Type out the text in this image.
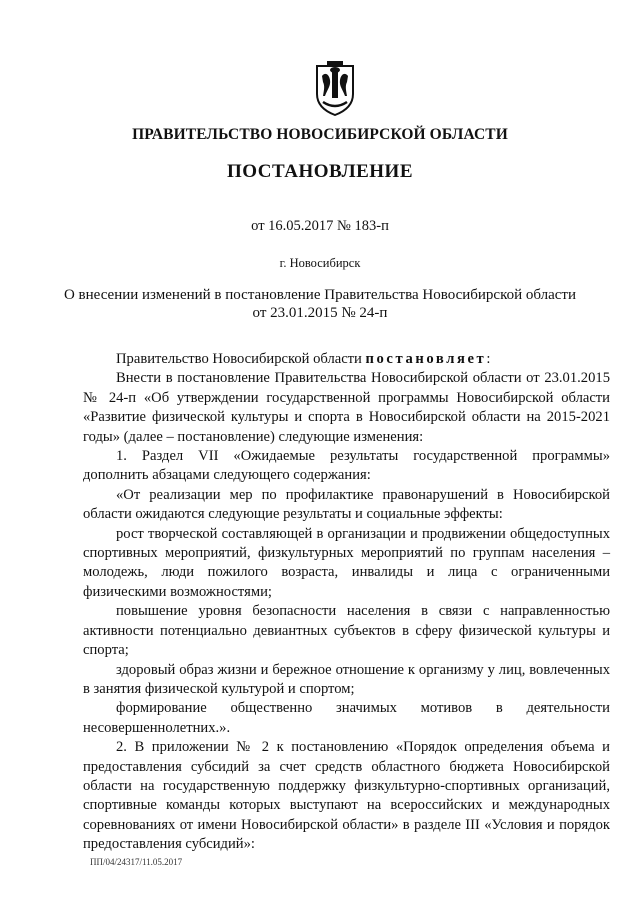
ПРАВИТЕЛЬСТВО НОВОСИБИРСКОЙ ОБЛАСТИ
ПОСТАНОВЛЕНИЕ
от 16.05.2017 № 183-п
г. Новосибирск
О внесении изменений в постановление Правительства Новосибирской области
от 23.01.2015 № 24-п

Правительство Новосибирской области постановляет:

Внести в постановление Правительства Новосибирской области от 23.01.2015 № 24-п «Об утверждении государственной программы Новосибирской области «Развитие физической культуры и спорта в Новосибирской области на 2015-2021 годы» (далее – постановление) следующие изменения:

1. Раздел VII «Ожидаемые результаты государственной программы» дополнить абзацами следующего содержания:

«От реализации мер по профилактике правонарушений в Новосибирской области ожидаются следующие результаты и социальные эффекты:

рост творческой составляющей в организации и продвижении общедоступных спортивных мероприятий, физкультурных мероприятий по группам населения – молодежь, люди пожилого возраста, инвалиды и лица с ограниченными физическими возможностями;

повышение уровня безопасности населения в связи с направленностью активности потенциально девиантных субъектов в сферу физической культуры и спорта;

здоровый образ жизни и бережное отношение к организму у лиц, вовлеченных в занятия физической культурой и спортом;

формирование общественно значимых мотивов в деятельности несовершеннолетних.».

2. В приложении № 2 к постановлению «Порядок определения объема и предоставления субсидий за счет средств областного бюджета Новосибирской области на государственную поддержку физкультурно-спортивных организаций, спортивные команды которых выступают на всероссийских и международных соревнованиях от имени Новосибирской области» в разделе III «Условия и порядок предоставления субсидий»:

ПП/04/24317/11.05.2017
